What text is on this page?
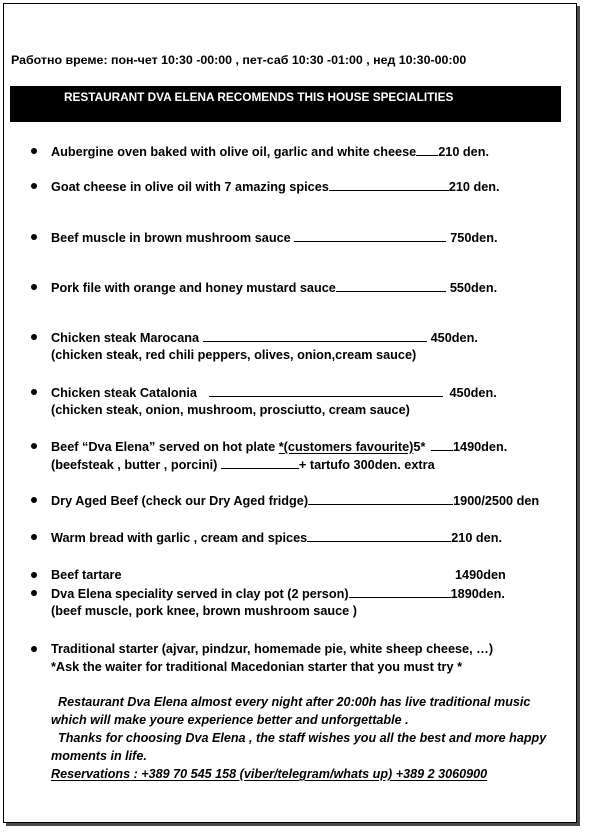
Работно време: пон-чет 10:30 -00:00 , пет-саб 10:30 -01:00 , нед 10:30-00:00
RESTAURANT DVA ELENA RECOMENDS THIS HOUSE SPECIALITIES
Aubergine oven baked with olive oil, garlic and white cheese 210 den.
Goat cheese in olive oil with 7 amazing spices	210 den.
Beef muscle in brown mushroom sauce	750den.
Pork file with orange and honey mustard sauce	550den.
Chicken steak Marocana	450den.
(chicken steak, red chili peppers, olives, onion,cream sauce)
Chicken steak Catalonia	450den.
(chicken steak, onion, mushroom, prosciutto, cream sauce)
Beef “Dva Elena” served on hot plate *(customers favourite)5* 1490den.
(beefsteak , butter , porcini)	+ tartufo 300den. extra
Dry Aged Beef (check our Dry Aged fridge)	1900/2500 den
Warm bread with garlic , cream and spices	210 den.
Beef tartare	1490den
Dva Elena speciality served in clay pot (2 person)	1890den.
(beef muscle, pork knee, brown mushroom sauce )
Traditional starter (ajvar, pindzur, homemade pie, white sheep cheese, …)
*Ask the waiter for traditional Macedonian starter that you must try *
Restaurant Dva Elena almost every night after 20:00h has live traditional music
which will make youre experience better and unforgettable .
Thanks for choosing Dva Elena , the staff wishes you all the best and more happy
moments in life.
Reservations : +389 70 545 158 (viber/telegram/whats up) +389 2 3060900
